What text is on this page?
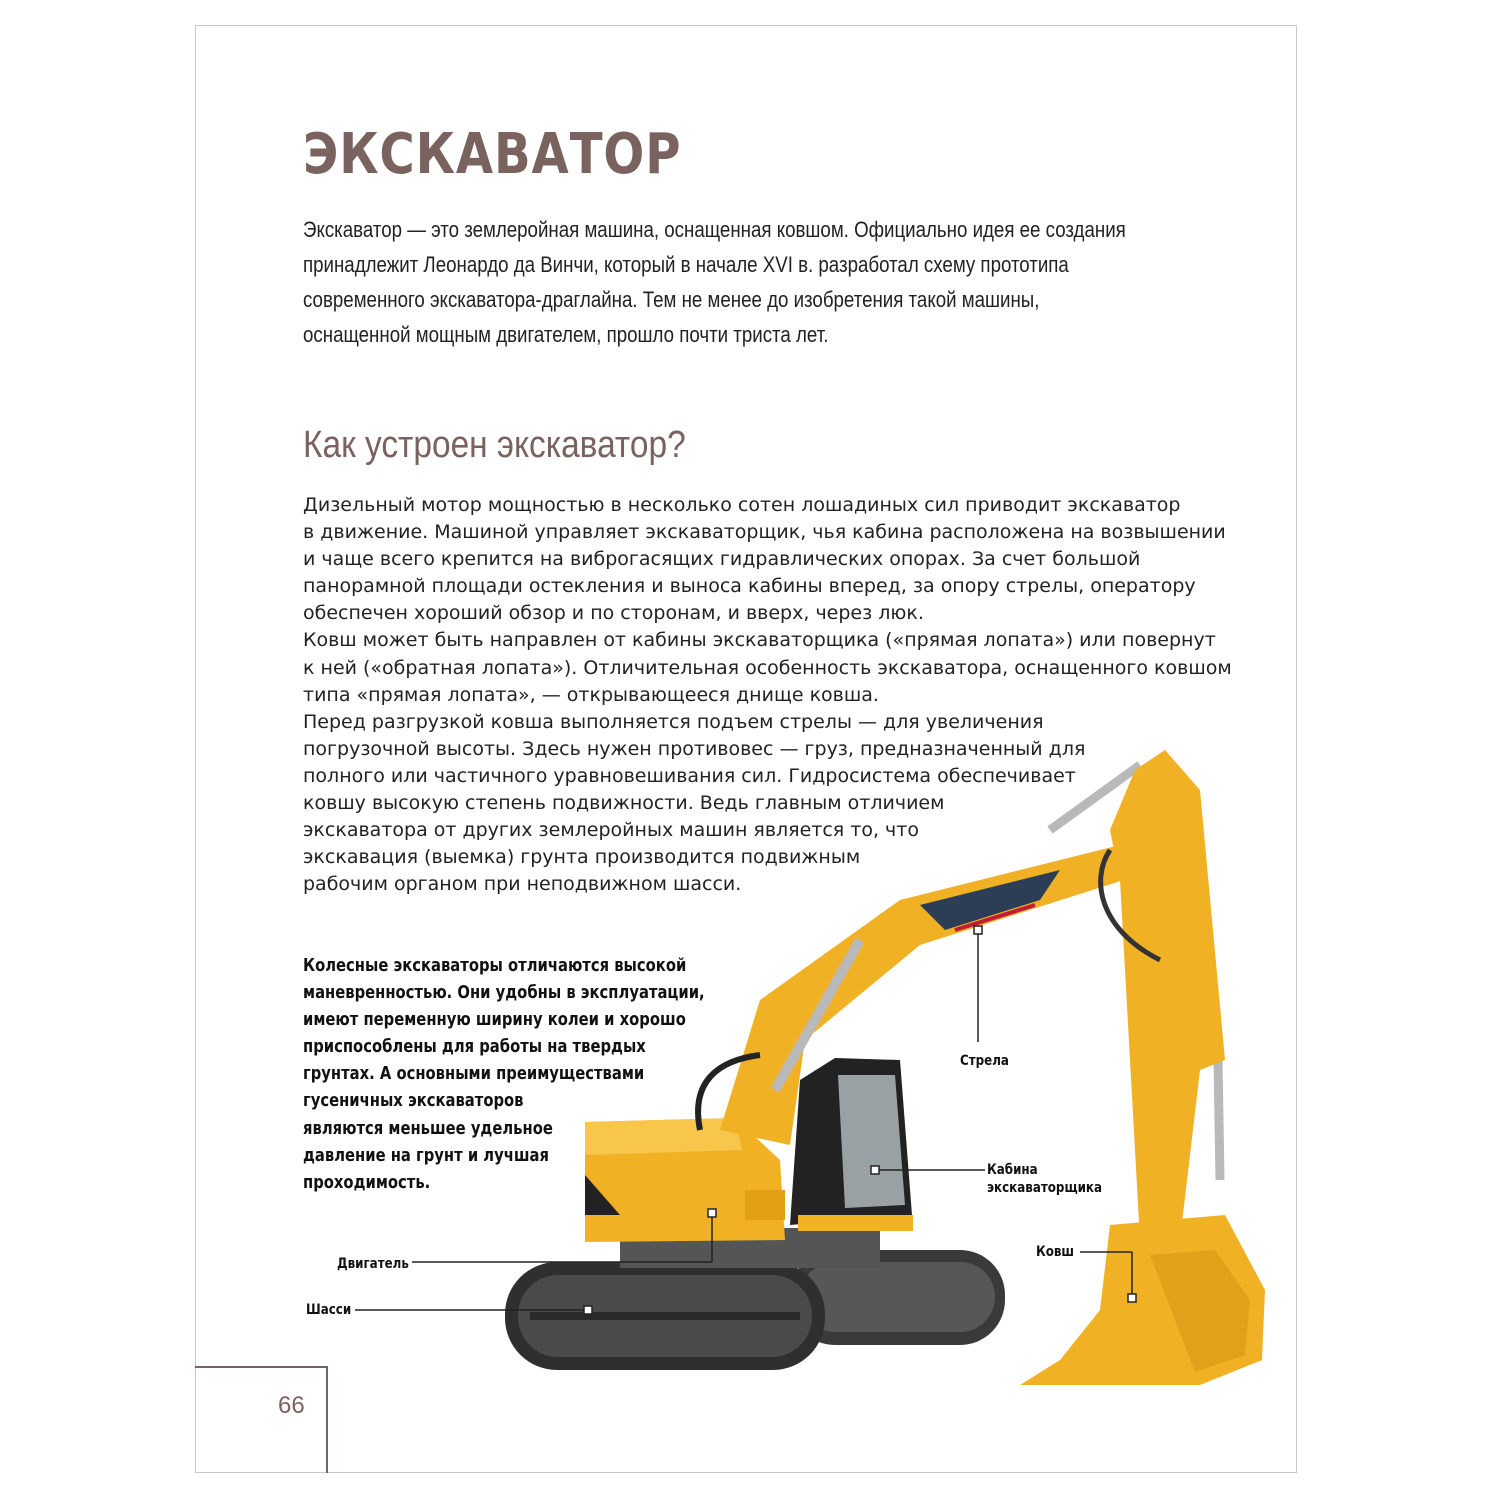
ЭКСКАВАТОР

Экскаватор — это землеройная машина, оснащенная ковшом. Официально идея ее создания
принадлежит Леонардо да Винчи, который в начале XVI в. разработал схему прототипа
современного экскаватора-драглайна. Тем не менее до изобретения такой машины,
оснащенной мощным двигателем, прошло почти триста лет.

Как устроен экскаватор?
Дизельный мотор мощностью в несколько сотен лошадиных сил приводит экскаватор
в движение. Машиной управляет экскаваторщик, чья кабина расположена на возвышении
и чаще всего крепится на виброгасящих гидравлических опорах. За счет большой
панорамной площади остекления и выноса кабины вперед, за опору стрелы, оператору
обеспечен хороший обзор и по сторонам, и вверх, через люк.
Ковш может быть направлен от кабины экскаваторщика («прямая лопата») или повернут
к ней («обратная лопата»). Отличительная особенность экскаватора, оснащенного ковшом
типа «прямая лопата», — открывающееся днище ковша.
Перед разгрузкой ковша выполняется подъем стрелы — для увеличения
погрузочной высоты. Здесь нужен противовес — груз, предназначенный для
полного или частичного уравновешивания сил. Гидросистема обеспечивает
ковшу высокую степень подвижности. Ведь главным отличием
экскаватора от других землеройных машин является то, что
экскавация (выемка) грунта производится подвижным
рабочим органом при неподвижном шасси.
Колесные экскаваторы отличаются высокой
маневренностью. Они удобны в эксплуатации,
имеют переменную ширину колеи и хорошо
приспособлены для работы на твердых
грунтах. А основными преимуществами
гусеничных экскаваторов
являются меньшее удельное
давление на грунт и лучшая
проходимость.
Стрела
Кабина
экскаваторщика
Ковш
Двигатель
Шасси
66
